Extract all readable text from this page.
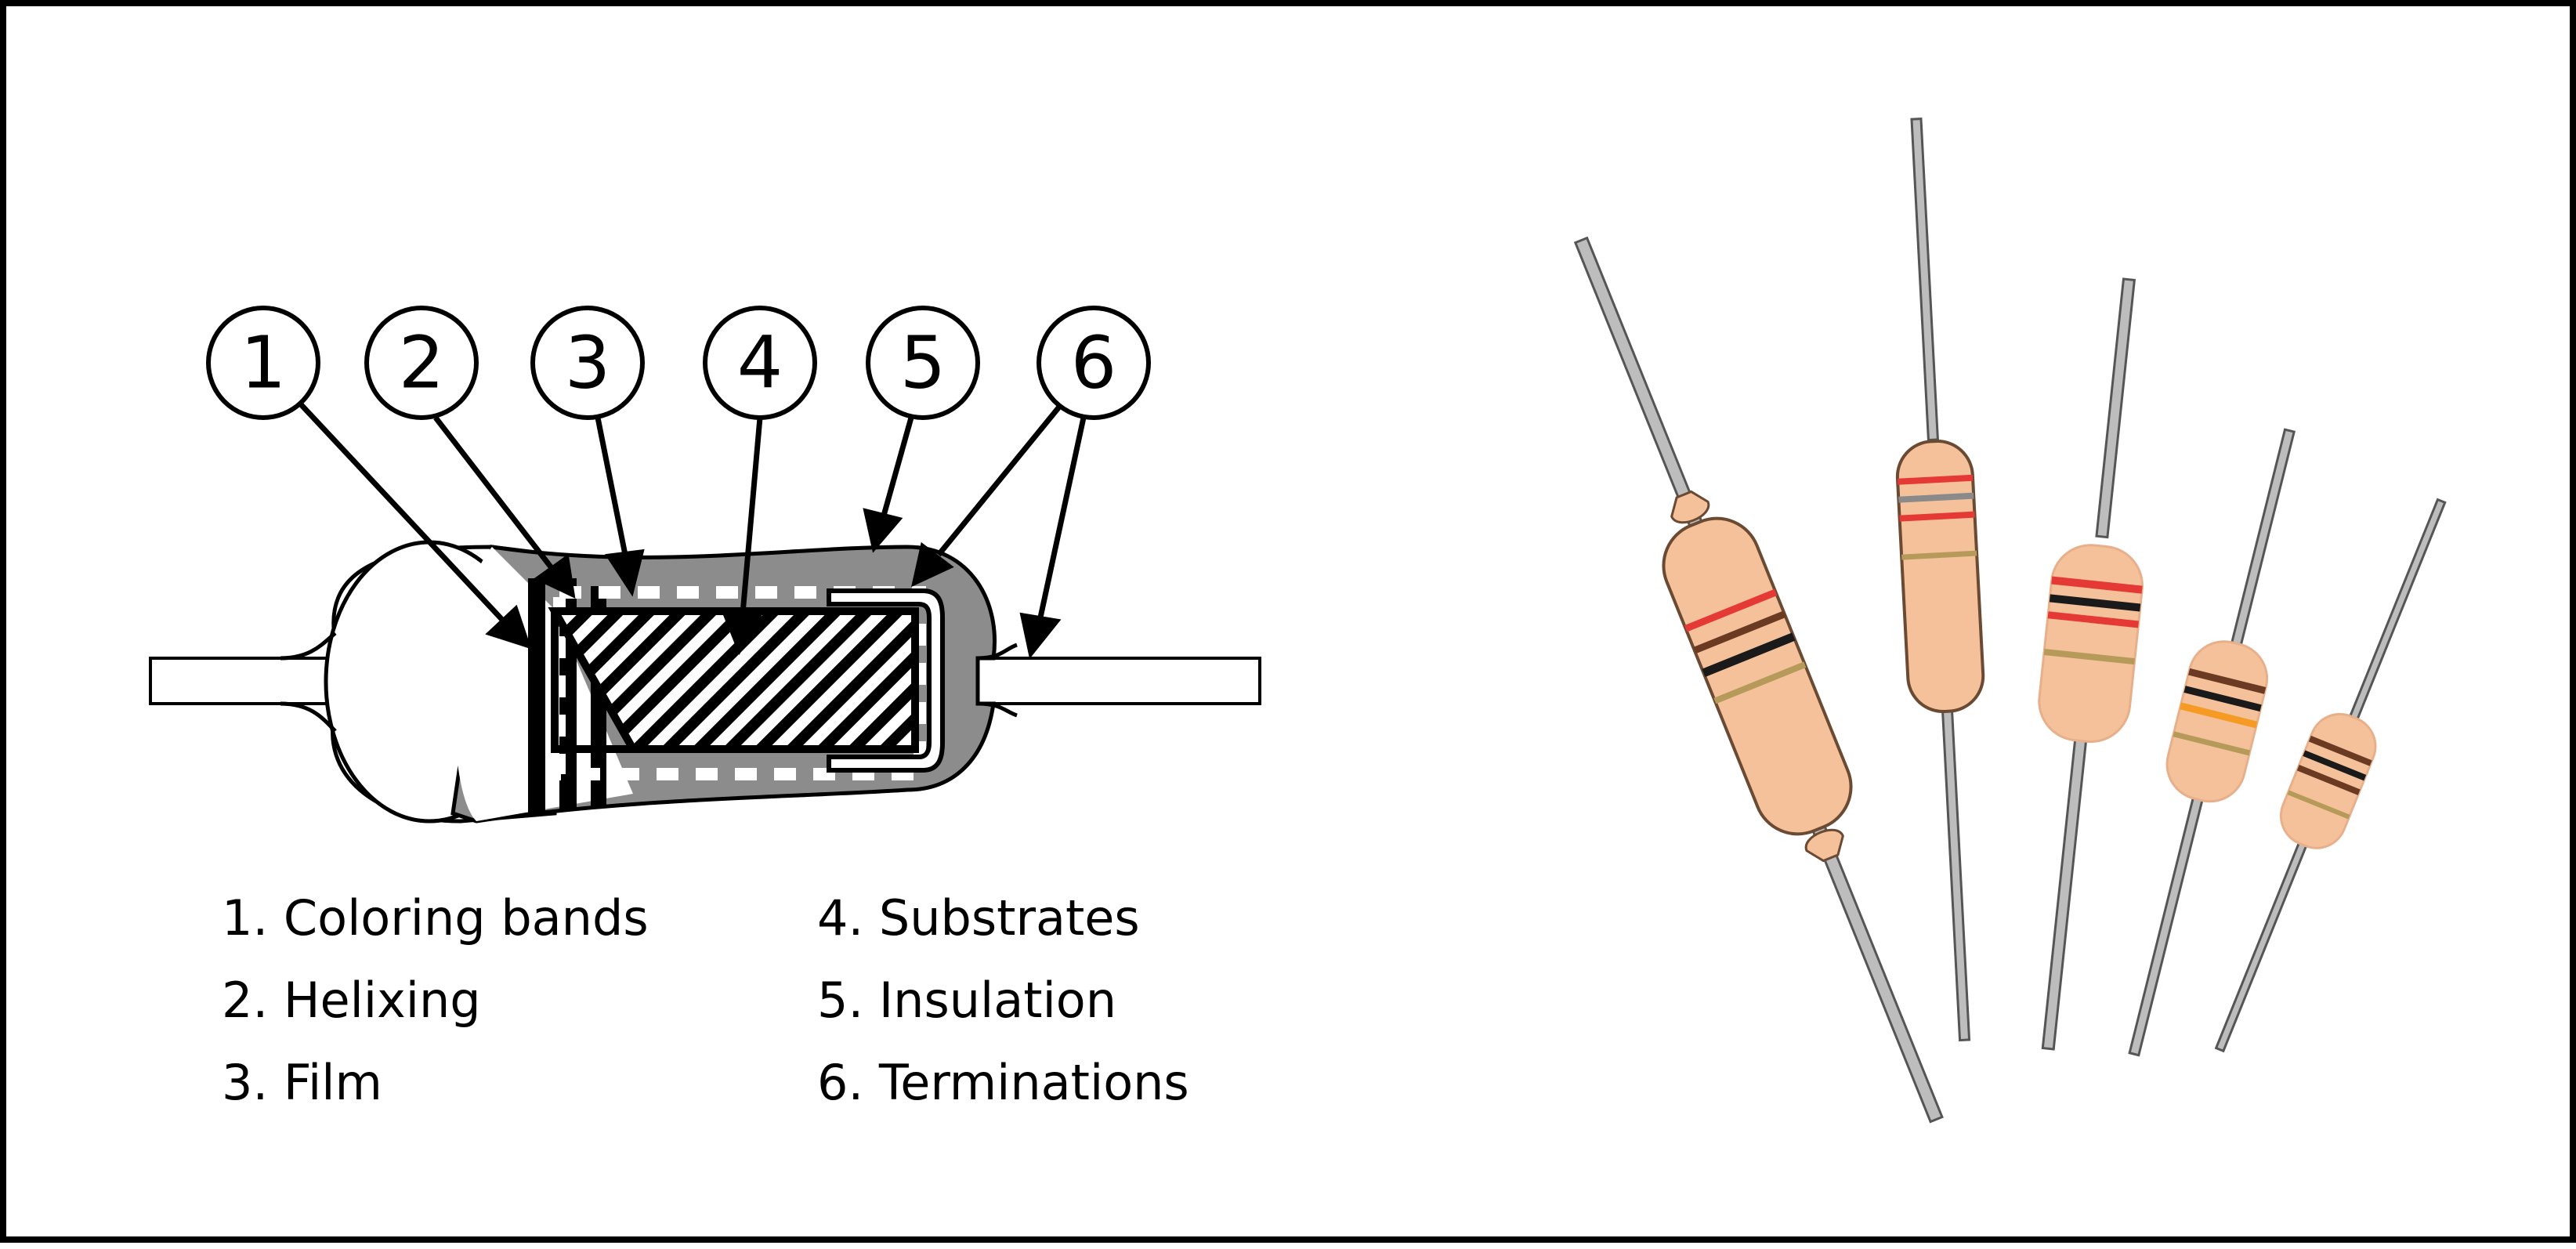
1 2 3 4 5 6
1. Coloring bands
2. Helixing
3. Film
4. Substrates
5. Insulation
6. Terminations
